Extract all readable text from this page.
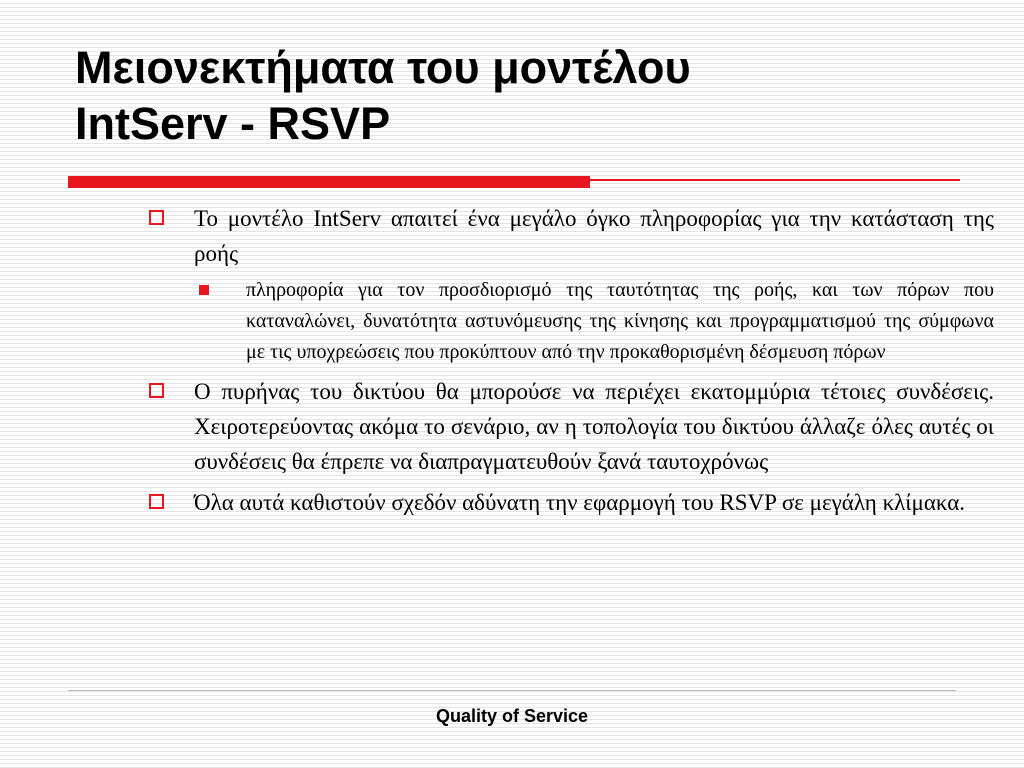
Μειονεκτήματα του μοντέλου
IntServ - RSVP
Το μοντέλο IntServ απαιτεί ένα μεγάλο όγκο πληροφορίας για την κατάσταση της ροής
πληροφορία για τον προσδιορισμό της ταυτότητας της ροής, και των πόρων που καταναλώνει, δυνατότητα αστυνόμευσης της κίνησης και προγραμματισμού της σύμφωνα με τις υποχρεώσεις που προκύπτουν από την προκαθορισμένη δέσμευση πόρων
Ο πυρήνας του δικτύου θα μπορούσε να περιέχει εκατομμύρια τέτοιες συνδέσεις. Χειροτερεύοντας ακόμα το σενάριο, αν η τοπολογία του δικτύου άλλαζε όλες αυτές οι συνδέσεις θα έπρεπε να διαπραγματευθούν ξανά ταυτοχρόνως
Όλα αυτά καθιστούν σχεδόν αδύνατη την εφαρμογή του RSVP σε μεγάλη κλίμακα.
Quality of Service
